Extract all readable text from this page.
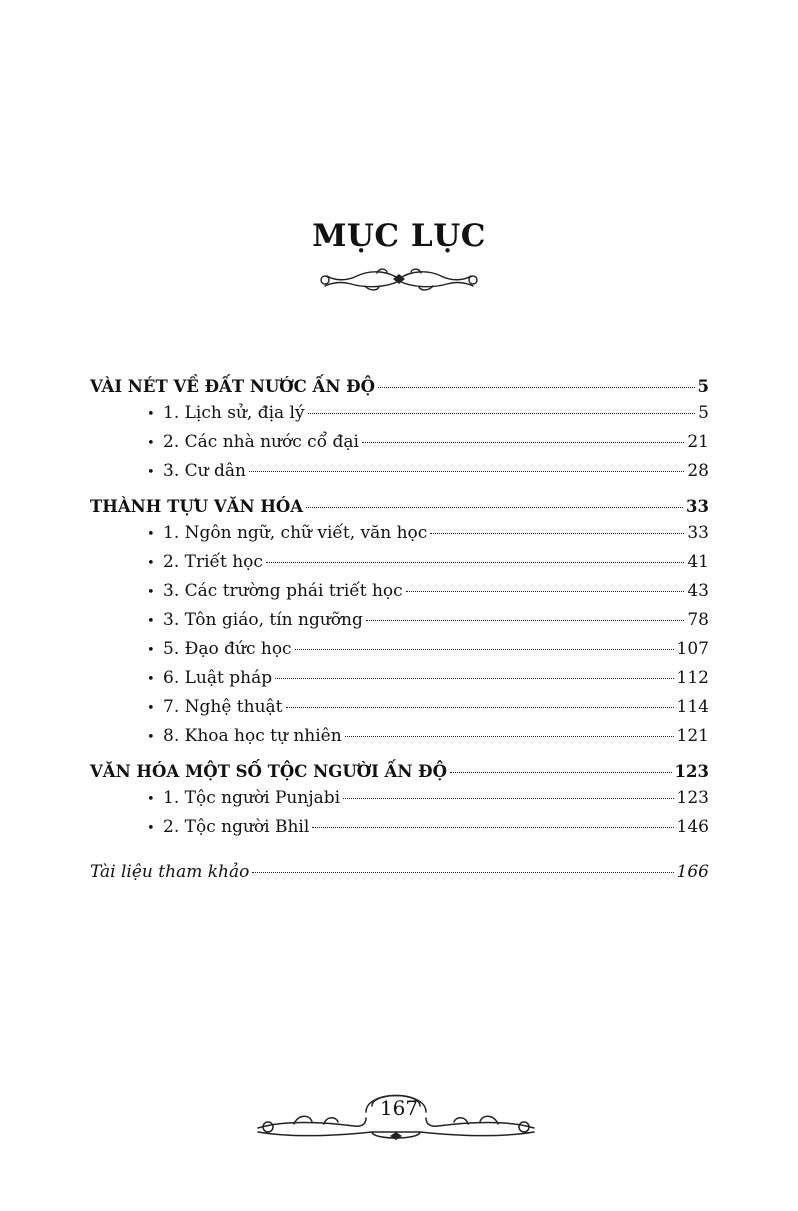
MỤC LỤC
VÀI NÉT VỀ ĐẤT NƯỚC ẤN ĐỘ	5
• 1. Lịch sử, địa lý	5
• 2. Các nhà nước cổ đại	21
• 3. Cư dân	28
THÀNH TỰU VĂN HÓA	33
• 1. Ngôn ngữ, chữ viết, văn học	33
• 2. Triết học	41
• 3. Các trường phái triết học	43
• 3. Tôn giáo, tín ngưỡng	78
• 5. Đạo đức học	107
• 6. Luật pháp	112
• 7. Nghệ thuật	114
• 8. Khoa học tự nhiên	121
VĂN HÓA MỘT SỐ TỘC NGƯỜI ẤN ĐỘ	123
• 1. Tộc người Punjabi	123
• 2. Tộc người Bhil	146
Tài liệu tham khảo	166
167
